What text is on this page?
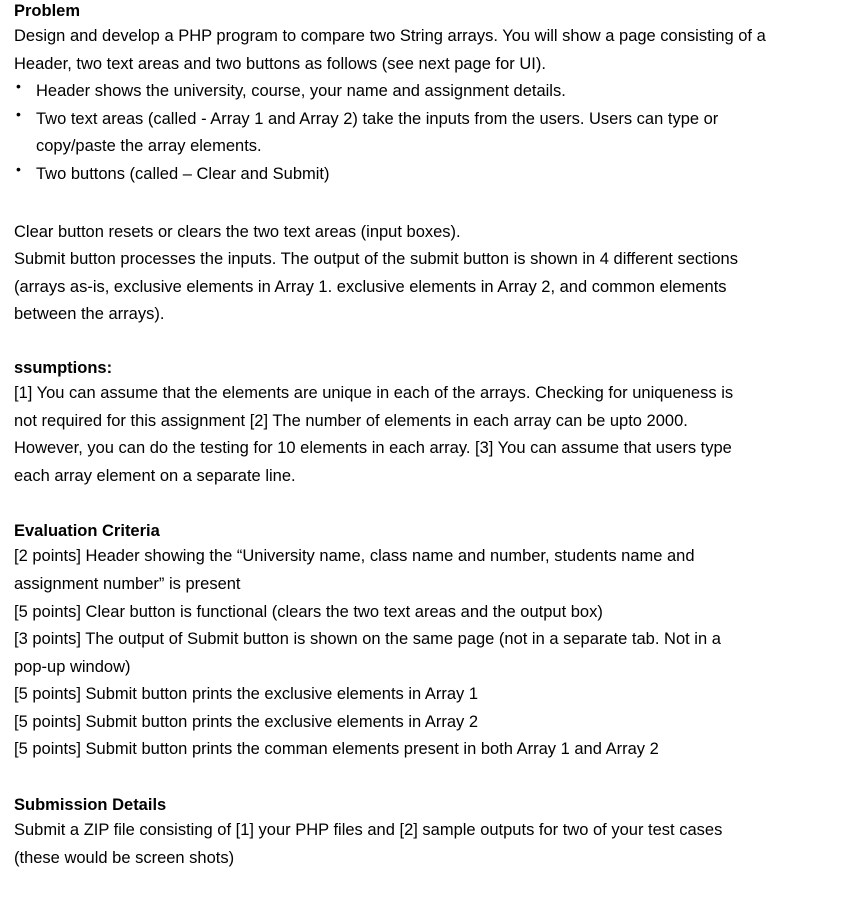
Problem

Design and develop a PHP program to compare two String arrays. You will show a page consisting of a

Header, two text areas and two buttons as follows (see next page for UI).

• Header shows the university, course, your name and assignment details.

• Two text areas (called - Array 1 and Array 2) take the inputs from the users. Users can type or

copy/paste the array elements.

• Two buttons (called – Clear and Submit)

Clear button resets or clears the two text areas (input boxes).

Submit button processes the inputs. The output of the submit button is shown in 4 different sections

(arrays as-is, exclusive elements in Array 1. exclusive elements in Array 2, and common elements

between the arrays).

ssumptions:

[1] You can assume that the elements are unique in each of the arrays. Checking for uniqueness is

not required for this assignment [2] The number of elements in each array can be upto 2000.

However, you can do the testing for 10 elements in each array. [3] You can assume that users type

each array element on a separate line.

Evaluation Criteria

[2 points] Header showing the “University name, class name and number, students name and

assignment number” is present

[5 points] Clear button is functional (clears the two text areas and the output box)

[3 points] The output of Submit button is shown on the same page (not in a separate tab. Not in a

pop-up window)

[5 points] Submit button prints the exclusive elements in Array 1

[5 points] Submit button prints the exclusive elements in Array 2

[5 points] Submit button prints the comman elements present in both Array 1 and Array 2

Submission Details

Submit a ZIP file consisting of [1] your PHP files and [2] sample outputs for two of your test cases

(these would be screen shots)
